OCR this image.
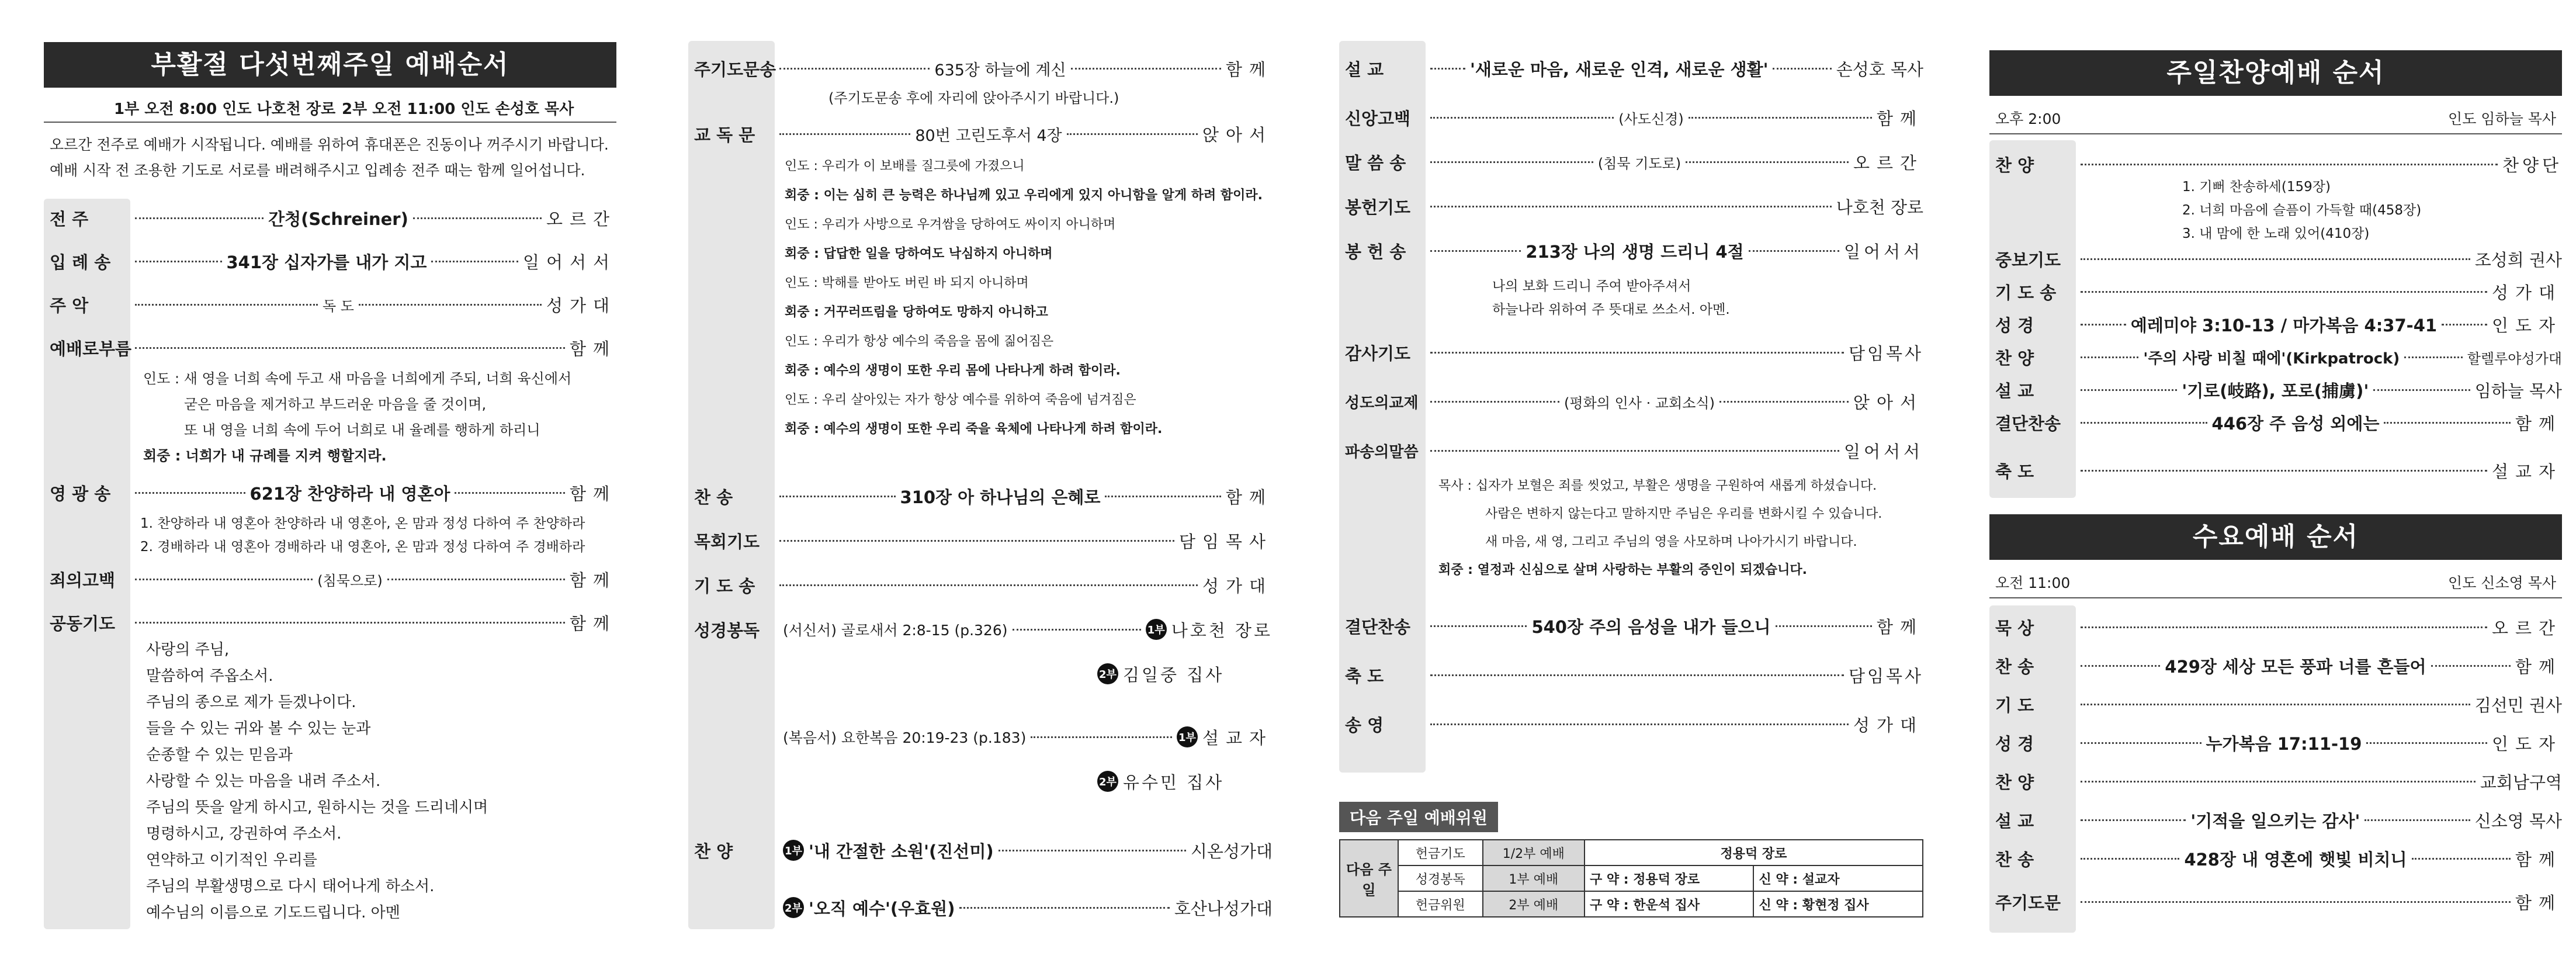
부활절 다섯번째주일 예배순서
1부 오전 8:00 인도 나호천 장로 2부 오전 11:00 인도 손성호 목사
오르간 전주로 예배가 시작됩니다. 예배를 위하여 휴대폰은 진동이나 꺼주시기 바랍니다.
예배 시작 전 조용한 기도로 서로를 배려해주시고 입례송 전주 때는 함께 일어섭니다.
전 주	간청(Schreiner)	오르간
입 례 송	341장 십자가를 내가 지고	일어서서
주 악	독 도	성가대
예배로부름	함께
인도 : 새 영을 너희 속에 두고 새 마음을 너희에게 주되, 너희 육신에서
굳은 마음을 제거하고 부드러운 마음을 줄 것이며,
또 내 영을 너희 속에 두어 너희로 내 율례를 행하게 하리니
회중 : 너희가 내 규례를 지켜 행할지라.
영 광 송	621장 찬양하라 내 영혼아	함께
1. 찬양하라 내 영혼아 찬양하라 내 영혼아, 온 맘과 정성 다하여 주 찬양하라
2. 경배하라 내 영혼아 경배하라 내 영혼아, 온 맘과 정성 다하여 주 경배하라
죄의고백	(침묵으로)	함께
공동기도	함께
사랑의 주님,
말씀하여 주옵소서.
주님의 종으로 제가 듣겠나이다.
들을 수 있는 귀와 볼 수 있는 눈과
순종할 수 있는 믿음과
사랑할 수 있는 마음을 내려 주소서.
주님의 뜻을 알게 하시고, 원하시는 것을 드리네시며
명령하시고, 강권하여 주소서.
연약하고 이기적인 우리를
주님의 부활생명으로 다시 태어나게 하소서.
예수님의 이름으로 기도드립니다. 아멘
주기도문송	635장 하늘에 계신	함께
(주기도문송 후에 자리에 앉아주시기 바랍니다.)
교 독 문	80번 고린도후서 4장	앉아서
인도 : 우리가 이 보배를 질그릇에 가졌으니
회중 : 이는 심히 큰 능력은 하나님께 있고 우리에게 있지 아니함을 알게 하려 함이라.
인도 : 우리가 사방으로 우겨쌈을 당하여도 싸이지 아니하며
회중 : 답답한 일을 당하여도 낙심하지 아니하며
인도 : 박해를 받아도 버린 바 되지 아니하며
회중 : 거꾸러뜨림을 당하여도 망하지 아니하고
인도 : 우리가 항상 예수의 죽음을 몸에 짊어짐은
회중 : 예수의 생명이 또한 우리 몸에 나타나게 하려 함이라.
인도 : 우리 살아있는 자가 항상 예수를 위하여 죽음에 넘겨짐은
회중 : 예수의 생명이 또한 우리 죽을 육체에 나타나게 하려 함이라.
찬 송	310장 아 하나님의 은혜로	함께
목회기도	담임목사
기 도 송	성가대
성경봉독	(서신서) 골로새서 2:8-15 (p.326)	1부 나호천 장로
2부 김일중 집사
(복음서) 요한복음 20:19-23 (p.183)	1부 설교자
2부 유수민 집사
찬 양	1부 '내 간절한 소원'(진선미)	시온성가대
2부 '오직 예수'(우효원)	호산나성가대
설 교	'새로운 마음, 새로운 인격, 새로운 생활'	손성호 목사
신앙고백	(사도신경)	함께
말 씀 송	(침묵 기도로)	오르간
봉헌기도	나호천 장로
봉 헌 송	213장 나의 생명 드리니 4절	일어서서
나의 보화 드리니 주여 받아주셔서
하늘나라 위하여 주 뜻대로 쓰소서. 아멘.
감사기도	담임목사
성도의교제	(평화의 인사 · 교회소식)	앉아서
파송의말씀	일어서서
목사 : 십자가 보혈은 죄를 씻었고, 부활은 생명을 구원하여 새롭게 하셨습니다.
사람은 변하지 않는다고 말하지만 주님은 우리를 변화시킬 수 있습니다.
새 마음, 새 영, 그리고 주님의 영을 사모하며 나아가시기 바랍니다.
회중 : 열정과 신심으로 살며 사랑하는 부활의 증인이 되겠습니다.
결단찬송	540장 주의 음성을 내가 들으니	함께
축 도	담임목사
송 영	성가대
다음 주일 예배위원
다음 주일	헌금기도	1/2부 예배	정용덕 장로	
	성경봉독	1부 예배	구 약 : 정용덕 장로	신 약 : 설교자
	헌금위원	2부 예배	구 약 : 한운석 집사	신 약 : 황현정 집사
주일찬양예배 순서
오후 2:00	인도 임하늘 목사
찬 양	찬양단
1. 기뻐 찬송하세(159장)
2. 너희 마음에 슬픔이 가득할 때(458장)
3. 내 맘에 한 노래 있어(410장)
중보기도	조성희 권사
기 도 송	성가대
성 경	예레미야 3:10-13 / 마가복음 4:37-41	인도자
찬 양	'주의 사랑 비칠 때에'(Kirkpatrock)	할렐루야성가대
설 교	'기로(岐路), 포로(捕虜)'	임하늘 목사
결단찬송	446장 주 음성 외에는	함께
축 도	설교자
수요예배 순서
오전 11:00	인도 신소영 목사
묵 상	오르간
찬 송	429장 세상 모든 풍파 너를 흔들어	함께
기 도	김선민 권사
성 경	누가복음 17:11-19	인도자
찬 양	교회남구역
설 교	'기적을 일으키는 감사'	신소영 목사
찬 송	428장 내 영혼에 햇빛 비치니	함께
주기도문	함께
